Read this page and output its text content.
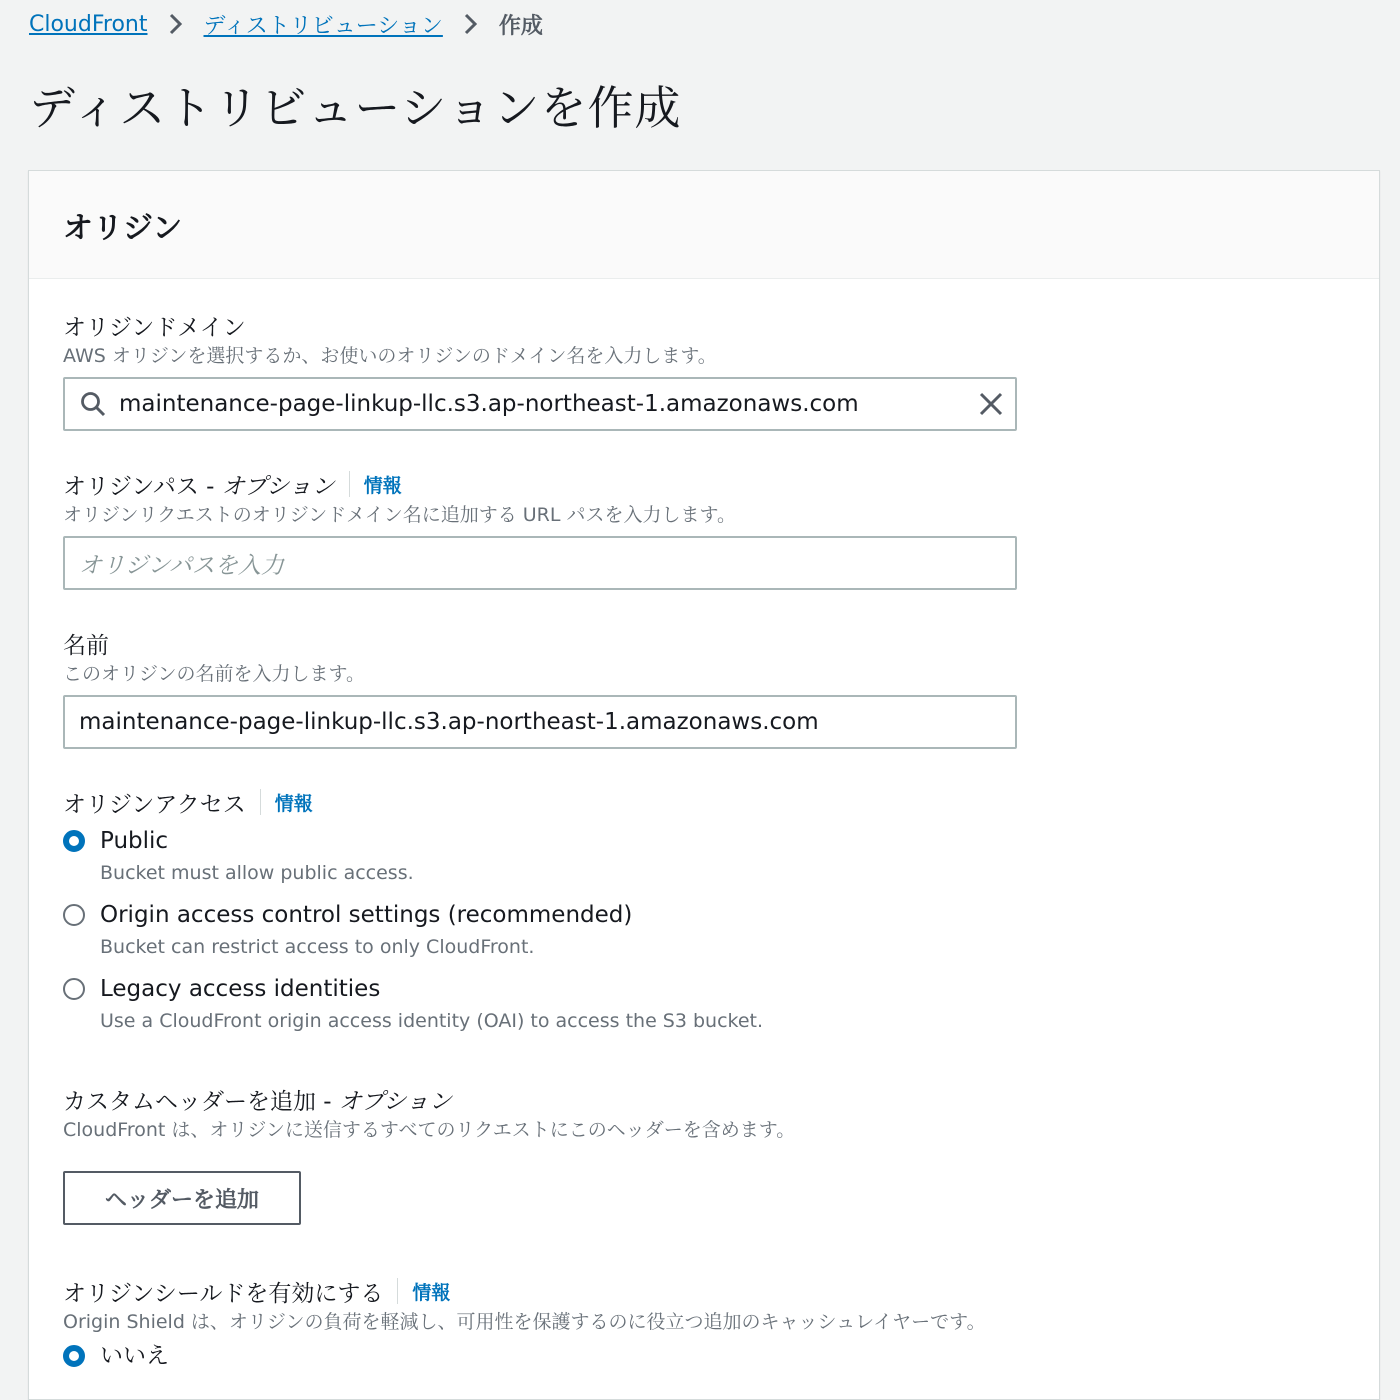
CloudFront	ディストリビューション	作成
ディストリビューションを作成
オリジン
オリジンドメイン
AWS オリジンを選択するか、お使いのオリジンのドメイン名を入力します。
maintenance-page-linkup-llc.s3.ap-northeast-1.amazonaws.com
オリジンパス - オプション 情報
オリジンリクエストのオリジンドメイン名に追加する URL パスを入力します。
オリジンパスを入力
名前
このオリジンの名前を入力します。
maintenance-page-linkup-llc.s3.ap-northeast-1.amazonaws.com
オリジンアクセス 情報
Public
Bucket must allow public access.
Origin access control settings (recommended)
Bucket can restrict access to only CloudFront.
Legacy access identities
Use a CloudFront origin access identity (OAI) to access the S3 bucket.
カスタムヘッダーを追加 - オプション
CloudFront は、オリジンに送信するすべてのリクエストにこのヘッダーを含めます。
ヘッダーを追加
オリジンシールドを有効にする 情報
Origin Shield は、オリジンの負荷を軽減し、可用性を保護するのに役立つ追加のキャッシュレイヤーです。
いいえ
